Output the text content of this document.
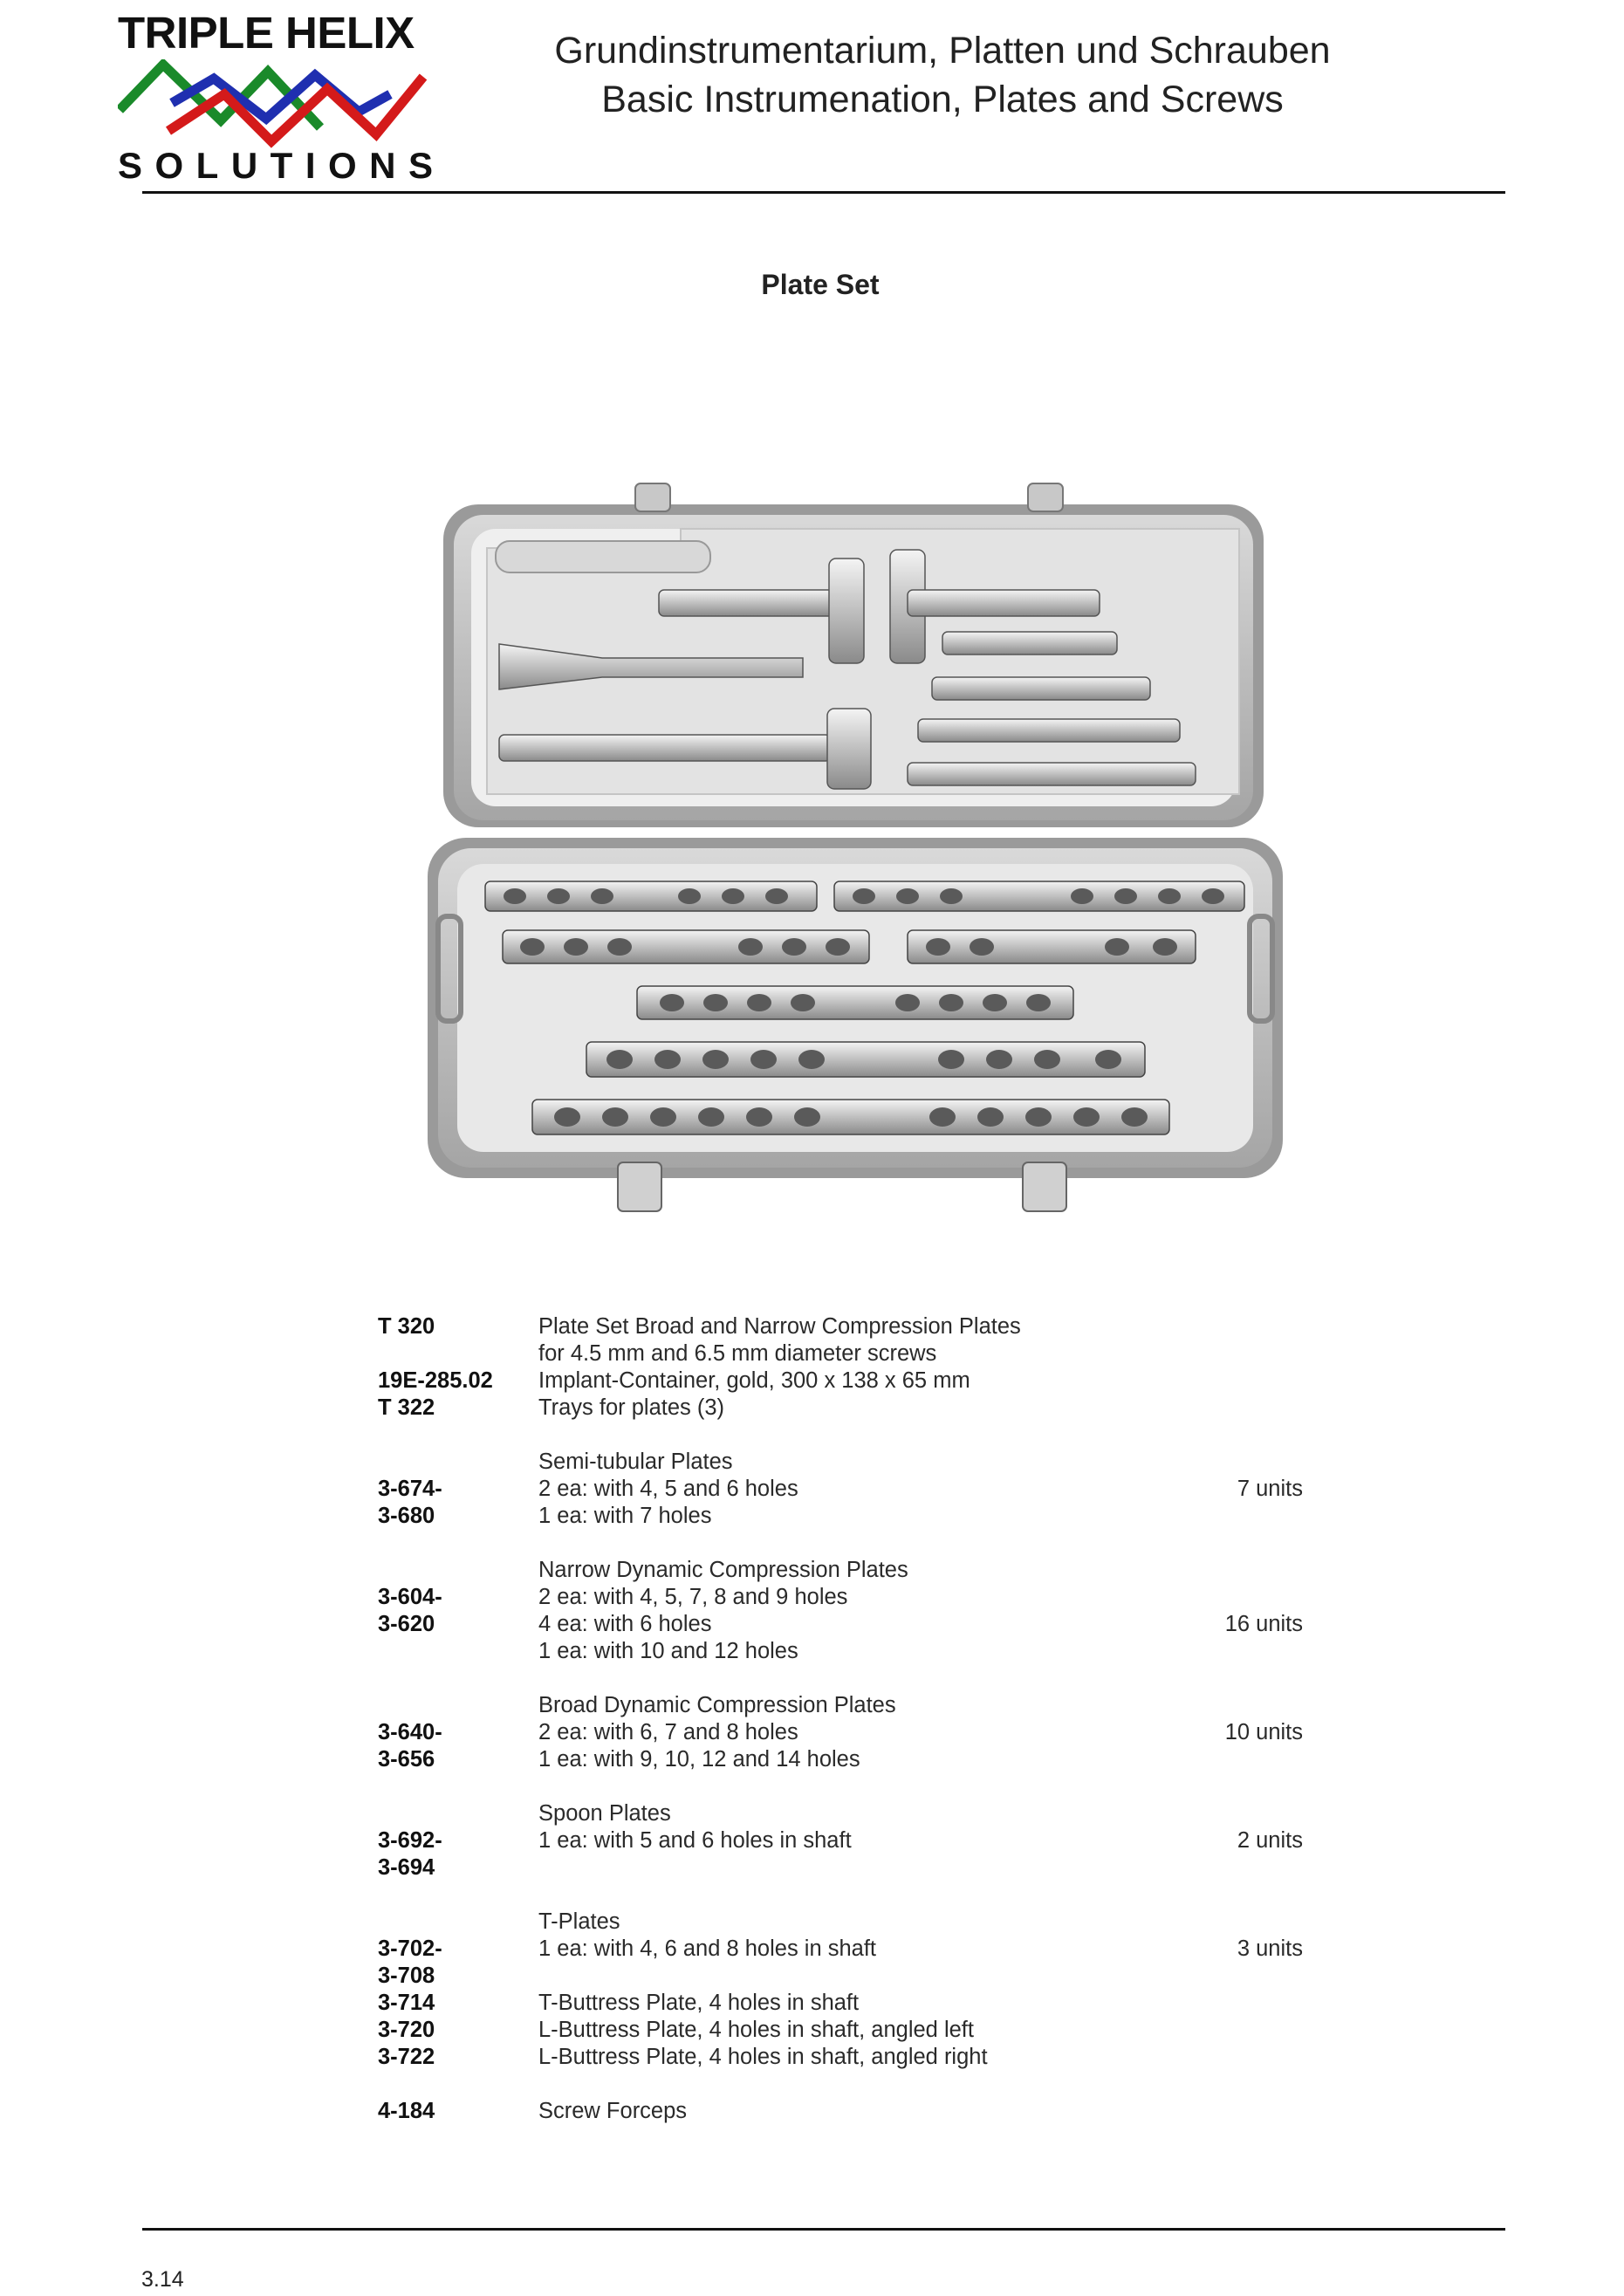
TRIPLE HELIX
SOLUTIONS
Grundinstrumentarium, Platten und Schrauben
Basic Instrumenation, Plates and Screws
Plate Set
T 320	Plate Set Broad and Narrow Compression Plates
for 4.5 mm and 6.5 mm diameter screws
19E-285.02 Implant-Container, gold, 300 x 138 x 65 mm
T 322	Trays for plates (3)
Semi-tubular Plates
3-674-	2 ea: with 4, 5 and 6 holes	7 units
3-680	1 ea: with 7 holes
Narrow Dynamic Compression Plates
3-604-	2 ea: with 4, 5, 7, 8 and 9 holes
3-620	4 ea: with 6 holes	16 units
1 ea: with 10 and 12 holes
Broad Dynamic Compression Plates
3-640-	2 ea: with 6, 7 and 8 holes	10 units
3-656	1 ea: with 9, 10, 12 and 14 holes
Spoon Plates
3-692-	1 ea: with 5 and 6 holes in shaft	2 units
3-694
T-Plates
3-702-	1 ea: with 4, 6 and 8 holes in shaft	3 units
3-708
3-714	T-Buttress Plate, 4 holes in shaft
3-720	L-Buttress Plate, 4 holes in shaft, angled left
3-722	L-Buttress Plate, 4 holes in shaft, angled right
4-184	Screw Forceps
3.14
